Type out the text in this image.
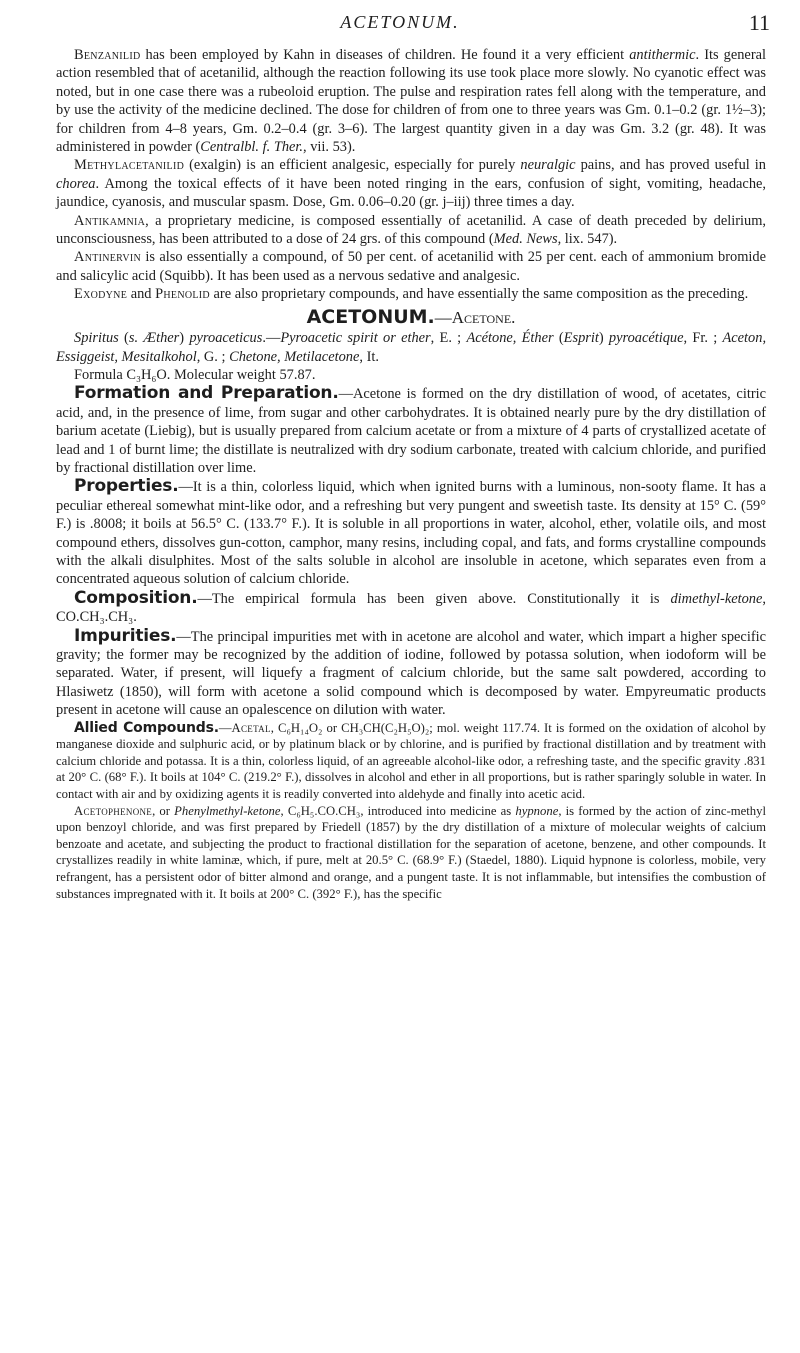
ACETONUM.	11

Benzanilid has been employed by Kahn in diseases of children. He found it a very efficient antithermic. Its general action resembled that of acetanilid, although the reaction following its use took place more slowly. No cyanotic effect was noted, but in one case there was a rubeoloid eruption. The pulse and respiration rates fell along with the temperature, and by use the activity of the medicine declined. The dose for children of from one to three years was Gm. 0.1–0.2 (gr. 1½–3); for children from 4–8 years, Gm. 0.2–0.4 (gr. 3–6). The largest quantity given in a day was Gm. 3.2 (gr. 48). It was administered in powder (Centralbl. f. Ther., vii. 53).

Methylacetanilid (exalgin) is an efficient analgesic, especially for purely neuralgic pains, and has proved useful in chorea. Among the toxical effects of it have been noted ringing in the ears, confusion of sight, vomiting, headache, jaundice, cyanosis, and muscular spasm. Dose, Gm. 0.06–0.20 (gr. j–iij) three times a day.

Antikamnia, a proprietary medicine, is composed essentially of acetanilid. A case of death preceded by delirium, unconsciousness, has been attributed to a dose of 24 grs. of this compound (Med. News, lix. 547).

Antinervin is also essentially a compound, of 50 per cent. of acetanilid with 25 per cent. each of ammonium bromide and salicylic acid (Squibb). It has been used as a nervous sedative and analgesic.

Exodyne and Phenolid are also proprietary compounds, and have essentially the same composition as the preceding.

ACETONUM.—Acetone.

Spiritus (s. Æther) pyroaceticus.—Pyroacetic spirit or ether, E. ; Acétone, Éther (Esprit) pyroacétique, Fr. ; Aceton, Essiggeist, Mesitalkohol, G. ; Chetone, Metilacetone, It.

Formula C₃H₆O. Molecular weight 57.87.

Formation and Preparation.—Acetone is formed on the dry distillation of wood, of acetates, citric acid, and, in the presence of lime, from sugar and other carbohydrates. It is obtained nearly pure by the dry distillation of barium acetate (Liebig), but is usually prepared from calcium acetate or from a mixture of 4 parts of crystallized acetate of lead and 1 of burnt lime; the distillate is neutralized with dry sodium carbonate, treated with calcium chloride, and purified by fractional distillation over lime.

Properties.—It is a thin, colorless liquid, which when ignited burns with a luminous, non-sooty flame. It has a peculiar ethereal somewhat mint-like odor, and a refreshing but very pungent and sweetish taste. Its density at 15° C. (59° F.) is .8008; it boils at 56.5° C. (133.7° F.). It is soluble in all proportions in water, alcohol, ether, volatile oils, and most compound ethers, dissolves gun-cotton, camphor, many resins, including copal, and fats, and forms crystalline compounds with the alkali disulphites. Most of the salts soluble in alcohol are insoluble in acetone, which separates even from a concentrated aqueous solution of calcium chloride.

Composition.—The empirical formula has been given above. Constitutionally it is dimethyl-ketone, CO.CH₃.CH₃.

Impurities.—The principal impurities met with in acetone are alcohol and water, which impart a higher specific gravity; the former may be recognized by the addition of iodine, followed by potassa solution, when iodoform will be separated. Water, if present, will liquefy a fragment of calcium chloride, but the same salt powdered, according to Hlasiwetz (1850), will form with acetone a solid compound which is decomposed by water. Empyreumatic products present in acetone will cause an opalescence on dilution with water.

Allied Compounds.—Acetal, C₆H₁₄O₂ or CH₃CH(C₂H₅O)₂; mol. weight 117.74. It is formed on the oxidation of alcohol by manganese dioxide and sulphuric acid, or by platinum black or by chlorine, and is purified by fractional distillation and by treatment with calcium chloride and potassa. It is a thin, colorless liquid, of an agreeable alcohol-like odor, a refreshing taste, and the specific gravity .831 at 20° C. (68° F.). It boils at 104° C. (219.2° F.), dissolves in alcohol and ether in all proportions, but is rather sparingly soluble in water. In contact with air and by oxidizing agents it is readily converted into aldehyde and finally into acetic acid.

Acetophenone, or Phenylmethyl-ketone, C₆H₅.CO.CH₃, introduced into medicine as hypnone, is formed by the action of zinc-methyl upon benzoyl chloride, and was first prepared by Friedell (1857) by the dry distillation of a mixture of molecular weights of calcium benzoate and acetate, and subjecting the product to fractional distillation for the separation of acetone, benzene, and other compounds. It crystallizes readily in white laminæ, which, if pure, melt at 20.5° C. (68.9° F.) (Staedel, 1880). Liquid hypnone is colorless, mobile, very refrangent, has a persistent odor of bitter almond and orange, and a pungent taste. It is not inflammable, but intensifies the combustion of substances impregnated with it. It boils at 200° C. (392° F.), has the specific
